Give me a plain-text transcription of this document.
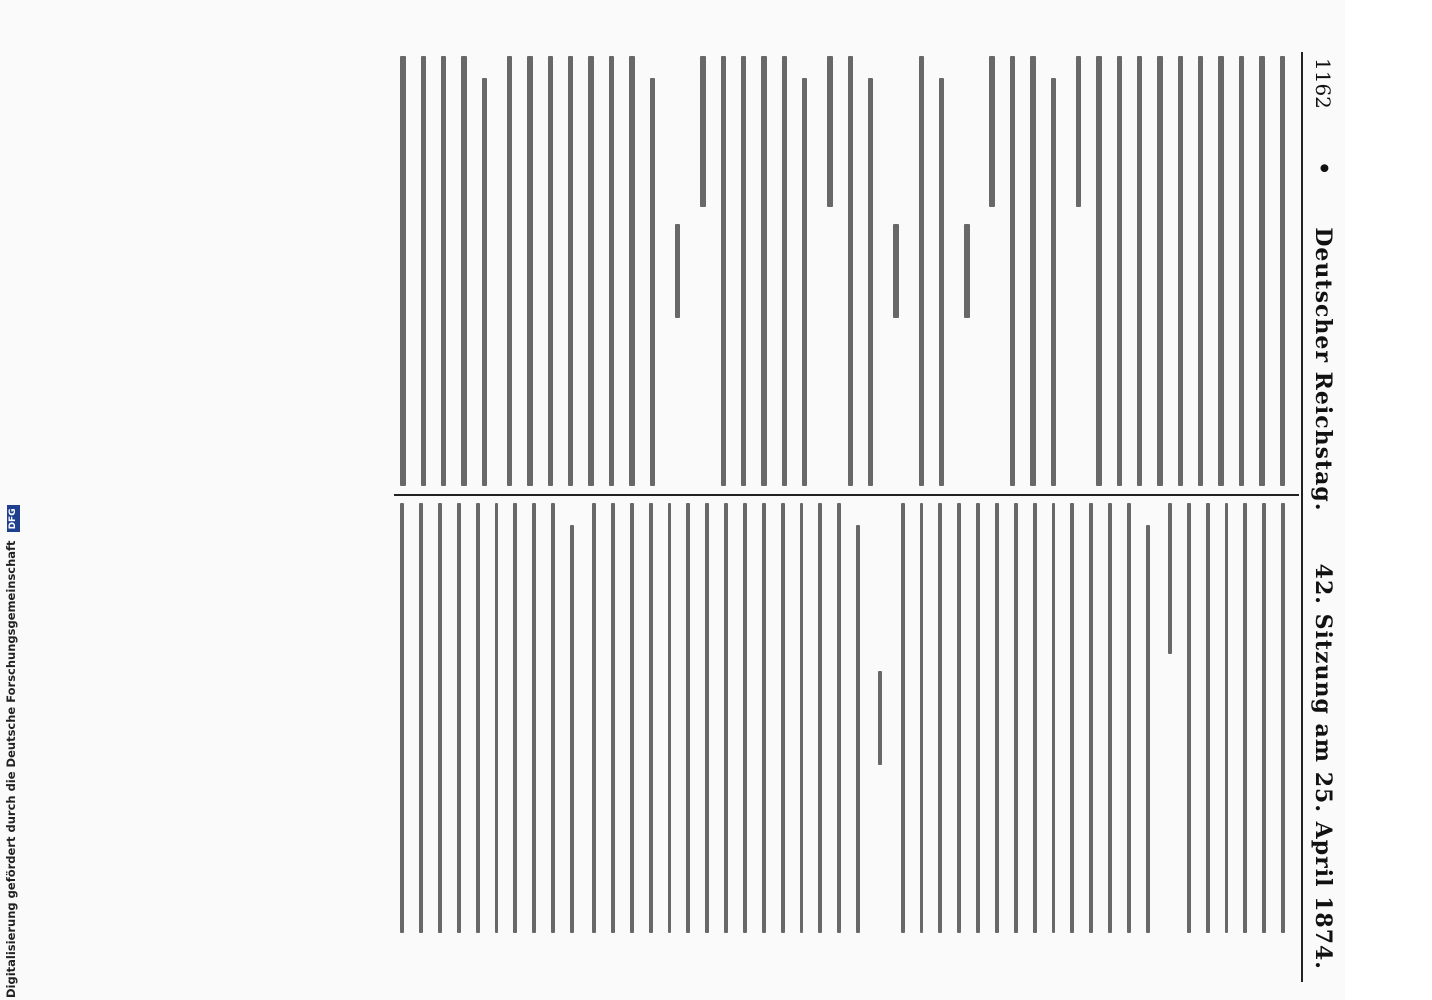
1162
•
Deutscher Reichstag.
42. Sitzung am 25. April 1874.
Digitalisierung gefördert durch die Deutsche Forschungsgemeinschaft DFG
